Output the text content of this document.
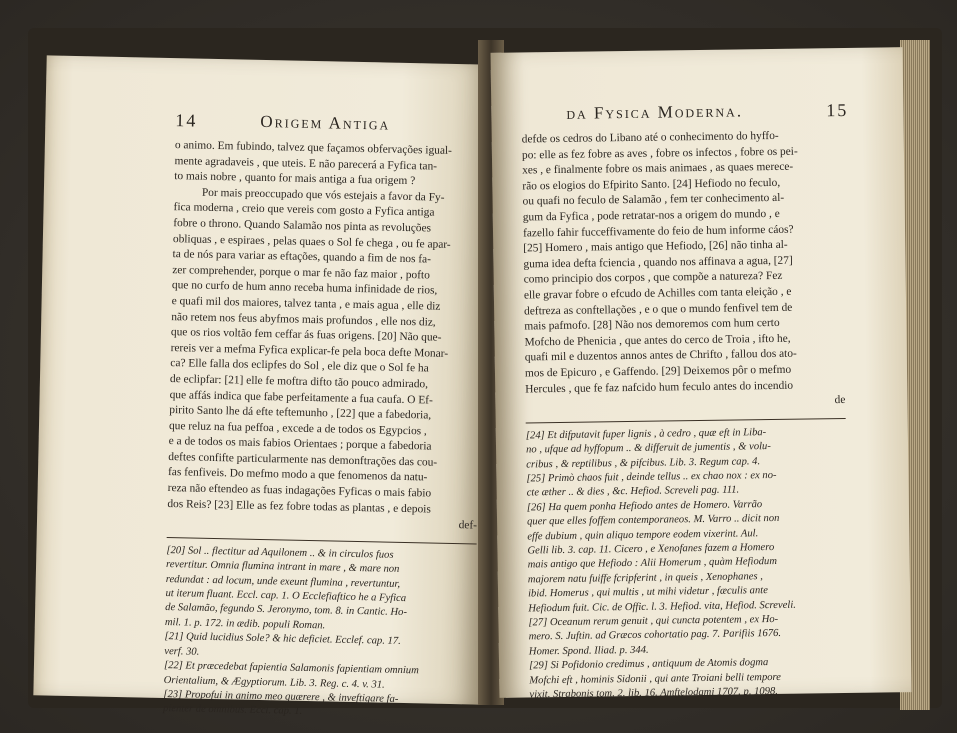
14	Origem Antiga

o animo. Em fubindo, talvez que façamos obfervações igual-

mente agradaveis , que uteis. E não parecerá a Fyfica tan-

to mais nobre , quanto for mais antiga a fua origem ?

Por mais preoccupado que vós estejais a favor da Fy-

fica moderna , creio que vereis com gosto a Fyfica antiga

fobre o throno. Quando Salamão nos pinta as revoluções

obliquas , e espiraes , pelas quaes o Sol fe chega , ou fe apar-

ta de nós para variar as eftações, quando a fim de nos fa-

zer comprehender, porque o mar fe não faz maior , pofto

que no curfo de hum anno receba huma infinidade de rios,

e quafi mil dos maiores, talvez tanta , e mais agua , elle diz

não retem nos feus abyfmos mais profundos , elle nos diz,

que os rios voltão fem ceffar ás fuas origens. [20] Não que-

rereis ver a mefma Fyfica explicar-fe pela boca defte Monar-

ca? Elle falla dos eclipfes do Sol , ele diz que o Sol fe ha

de eclipfar: [21] elle fe moftra difto tão pouco admirado,

que affás indica que fabe perfeitamente a fua caufa. O Ef-

pirito Santo lhe dá efte teftemunho , [22] que a fabedoria,

que reluz na fua peffoa , excede a de todos os Egypcios ,

e a de todos os mais fabios Orientaes ; porque a fabedoria

deftes confifte particularmente nas demonftrações das cou-

fas fenfiveis. Do mefmo modo a que fenomenos da natu-

reza não eftendeo as fuas indagações Fyficas o mais fabio

dos Reis? [23] Elle as fez fobre todas as plantas , e depois

def-

[20] Sol .. flectitur ad Aquilonem .. & in circulos fuos

revertitur. Omnia flumina intrant in mare , & mare non

redundat : ad locum, unde exeunt flumina , revertuntur,

ut iterum fluant. Eccl. cap. 1. O Ecclefiaftico he a Fyfica

de Salamão, fegundo S. Jeronymo, tom. 8. in Cantic. Ho-

mil. 1. p. 172. in ædib. populi Roman.

[21] Quid lucidius Sole? & hic deficiet. Ecclef. cap. 17.

verf. 30.

[22] Et præcedebat fapientia Salamonis fapientiam omnium

Orientalium, & Ægyptiorum. Lib. 3. Reg. c. 4. v. 31.

[23] Propofui in animo meo quærere , & inveftigare fa-

pienter de omnibus. Eccl. cap. 1.

da Fysica Moderna.	15

defde os cedros do Libano até o conhecimento do hyffo-

po: elle as fez fobre as aves , fobre os infectos , fobre os pei-

xes , e finalmente fobre os mais animaes , as quaes merece-

rão os elogios do Efpirito Santo. [24] Hefiodo no feculo,

ou quafi no feculo de Salamão , fem ter conhecimento al-

gum da Fyfica , pode retratar-nos a origem do mundo , e

fazello fahir fucceffivamente do feio de hum informe cáos?

[25] Homero , mais antigo que Hefiodo, [26] não tinha al-

guma idea defta fciencia , quando nos affinava a agua, [27]

como principio dos corpos , que compõe a natureza? Fez

elle gravar fobre o efcudo de Achilles com tanta eleição , e

deftreza as conftellações , e o que o mundo fenfivel tem de

mais pafmofo. [28] Não nos demoremos com hum certo

Mofcho de Phenicia , que antes do cerco de Troia , ifto he,

quafi mil e duzentos annos antes de Chrifto , fallou dos ato-

mos de Epicuro , e Gaffendo. [29] Deixemos pôr o mefmo

Hercules , que fe faz nafcido hum feculo antes do incendio

de

[24] Et difputavit fuper lignis , à cedro , quæ eft in Liba-

no , ufque ad hyffopum .. & differuit de jumentis , & volu-

cribus , & reptilibus , & pifcibus. Lib. 3. Regum cap. 4.

[25] Primò chaos fuit , deinde tellus .. ex chao nox : ex no-

cte æther .. & dies , &c. Hefiod. Screveli pag. 111.

[26] Ha quem ponha Hefiodo antes de Homero. Varrão

quer que elles foffem contemporaneos. M. Varro .. dicit non

effe dubium , quin aliquo tempore eodem vixerint. Aul.

Gelli lib. 3. cap. 11. Cicero , e Xenofanes fazem a Homero

mais antigo que Hefiodo : Alii Homerum , quàm Hefiodum

majorem natu fuiffe fcripferint , in queis , Xenophanes ,

ibid. Homerus , qui multis , ut mihi videtur , fæculis ante

Hefiodum fuit. Cic. de Offic. l. 3. Hefiod. vita, Hefiod. Screveli.

[27] Oceanum rerum genuit , qui cuncta potentem , ex Ho-

mero. S. Juftin. ad Græcos cohortatio pag. 7. Parifiis 1676.

Homer. Spond. Iliad. p. 344.

[29] Si Pofidonio credimus , antiquum de Atomis dogma

Mofchi eft , hominis Sidonii , qui ante Troiani belli tempore

vixit. Strabonis tom. 2. lib. 16. Amftelodami 1707. p. 1098.
